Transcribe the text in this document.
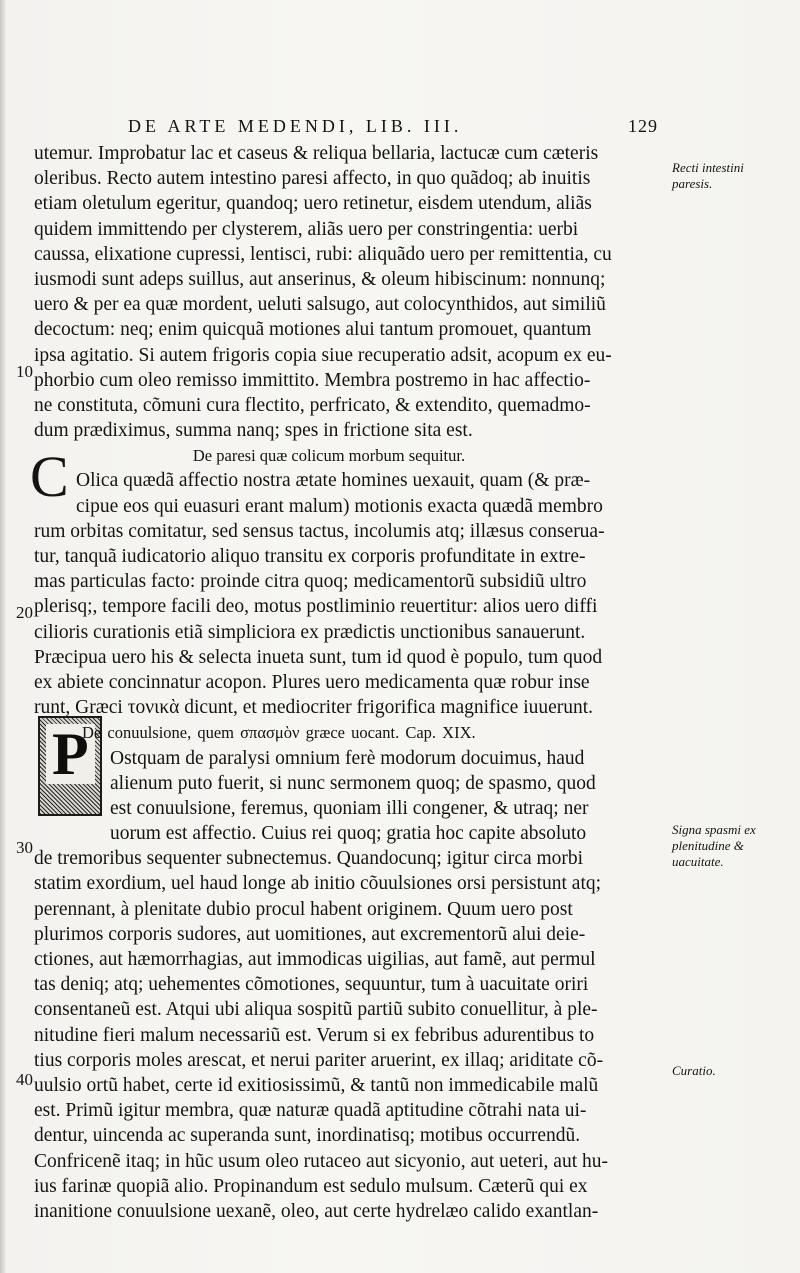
DE ARTE MEDENDI, LIB. III.	129
10
20
30
40
Recti intestini paresis.
Signa spasmi ex plenitudine & uacuitate.
Curatio.
C
P
utemur. Improbatur lac et caseus & reliqua bellaria, lactucæ cum cæteris
oleribus. Recto autem intestino paresi affecto, in quo quãdoq; ab inuitis
etiam oletulum egeritur, quandoq; uero retinetur, eisdem utendum, aliãs
quidem immittendo per clysterem, aliãs uero per constringentia: uerbi
caussa, elixatione cupressi, lentisci, rubi: aliquãdo uero per remittentia, cu
iusmodi sunt adeps suillus, aut anserinus, & oleum hibiscinum: nonnunq;
uero & per ea quæ mordent, ueluti salsugo, aut colocynthidos, aut similiũ
decoctum: neq; enim quicquã motiones alui tantum promouet, quantum
ipsa agitatio. Si autem frigoris copia siue recuperatio adsit, acopum ex eu-
phorbio cum oleo remisso immittito. Membra postremo in hac affectio-
ne constituta, cõmuni cura flectito, perfricato, & extendito, quemadmo-
dum prædiximus, summa nanq; spes in frictione sita est.
De paresi quæ colicum morbum sequitur.
Olica quædã affectio nostra ætate homines uexauit, quam (& præ-
cipue eos qui euasuri erant malum) motionis exacta quædã membro
rum orbitas comitatur, sed sensus tactus, incolumis atq; illæsus conserua-
tur, tanquã iudicatorio aliquo transitu ex corporis profunditate in extre-
mas particulas facto: proinde citra quoq; medicamentorũ subsidiũ ultro
plerisq;, tempore facili deo, motus postliminio reuertitur: alios uero diffi
cilioris curationis etiã simpliciora ex prædictis unctionibus sanauerunt.
Præcipua uero his & selecta inueta sunt, tum id quod è populo, tum quod
ex abiete concinnatur acopon. Plures uero medicamenta quæ robur inse
runt, Græci τονικὰ dicunt, et mediocriter frigorifica magnifice iuuerunt.
De conuulsione, quem σπασμὸν græce uocant. Cap. XIX.
Ostquam de paralysi omnium ferè modorum docuimus, haud
alienum puto fuerit, si nunc sermonem quoq; de spasmo, quod
est conuulsione, feremus, quoniam illi congener, & utraq; ner
uorum est affectio. Cuius rei quoq; gratia hoc capite absoluto
de tremoribus sequenter subnectemus. Quandocunq; igitur circa morbi
statim exordium, uel haud longe ab initio cõuulsiones orsi persistunt atq;
perennant, à plenitate dubio procul habent originem. Quum uero post
plurimos corporis sudores, aut uomitiones, aut excrementorũ alui deie-
ctiones, aut hæmorrhagias, aut immodicas uigilias, aut famẽ, aut permul
tas deniq; atq; uehementes cõmotiones, sequuntur, tum à uacuitate oriri
consentaneũ est. Atqui ubi aliqua sospitũ partiũ subito conuellitur, à ple-
nitudine fieri malum necessariũ est. Verum si ex febribus adurentibus to
tius corporis moles arescat, et nerui pariter aruerint, ex illaq; ariditate cõ-
uulsio ortũ habet, certe id exitiosissimũ, & tantũ non immedicabile malũ
est. Primũ igitur membra, quæ naturæ quadã aptitudine cõtrahi nata ui-
dentur, uincenda ac superanda sunt, inordinatisq; motibus occurrendũ.
Confricenẽ itaq; in hũc usum oleo rutaceo aut sicyonio, aut ueteri, aut hu-
ius farinæ quopiã alio. Propinandum est sedulo mulsum. Cæterũ qui ex
inanitione conuulsione uexanẽ, oleo, aut certe hydrelæo calido exantlan-
